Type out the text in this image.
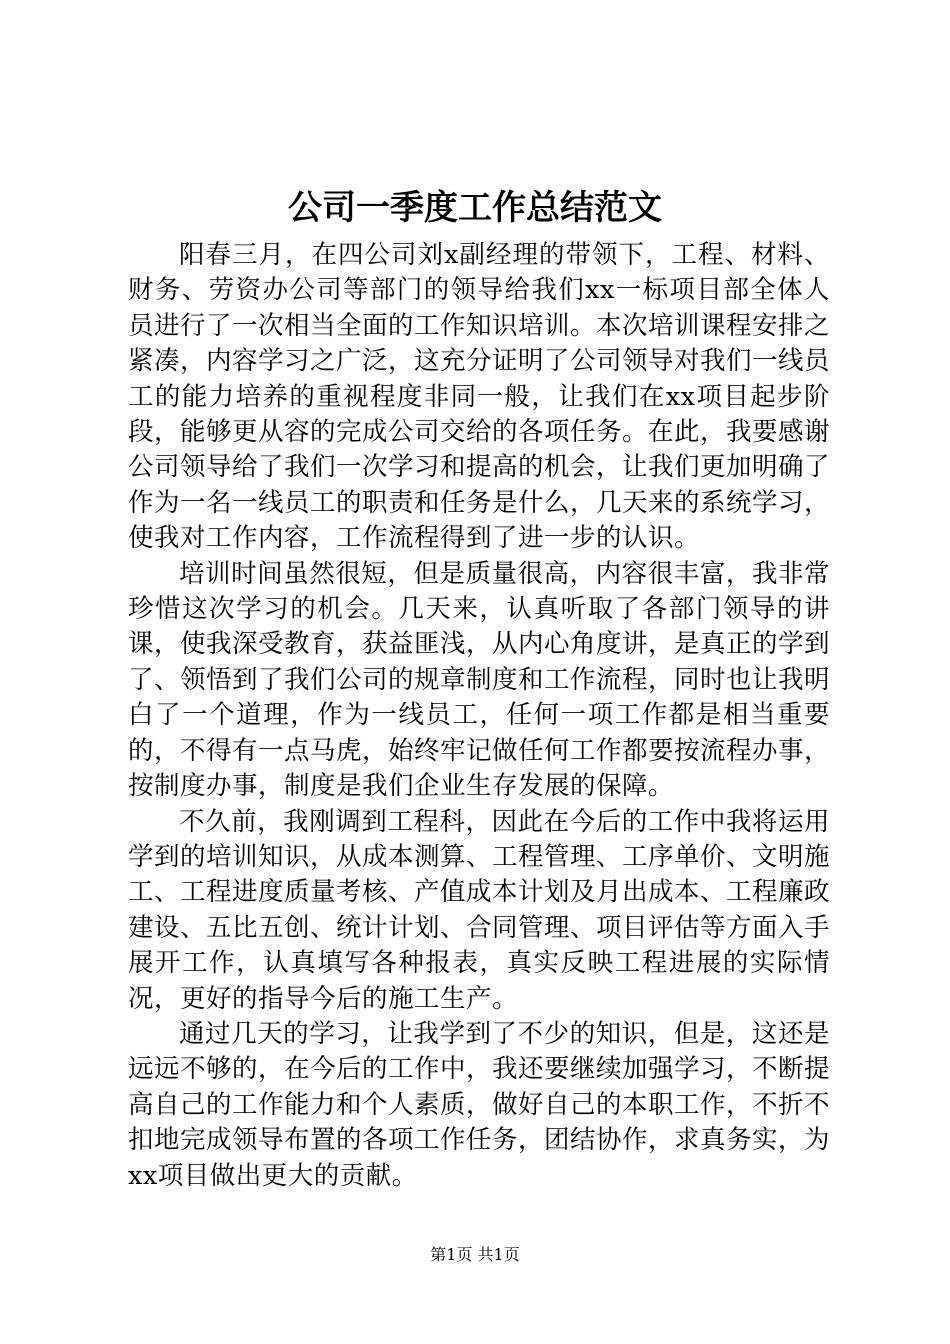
公司一季度工作总结范文

阳春三月，在四公司刘x副经理的带领下，工程、材料、财务、劳资办公司等部门的领导给我们xx一标项目部全体人员进行了一次相当全面的工作知识培训。本次培训课程安排之紧凑，内容学习之广泛，这充分证明了公司领导对我们一线员工的能力培养的重视程度非同一般，让我们在xx项目起步阶段，能够更从容的完成公司交给的各项任务。在此，我要感谢公司领导给了我们一次学习和提高的机会，让我们更加明确了作为一名一线员工的职责和任务是什么，几天来的系统学习，使我对工作内容，工作流程得到了进一步的认识。

培训时间虽然很短，但是质量很高，内容很丰富，我非常珍惜这次学习的机会。几天来，认真听取了各部门领导的讲课，使我深受教育，获益匪浅，从内心角度讲，是真正的学到了、领悟到了我们公司的规章制度和工作流程，同时也让我明白了一个道理，作为一线员工，任何一项工作都是相当重要的，不得有一点马虎，始终牢记做任何工作都要按流程办事，按制度办事，制度是我们企业生存发展的保障。

不久前，我刚调到工程科，因此在今后的工作中我将运用学到的培训知识，从成本测算、工程管理、工序单价、文明施工、工程进度质量考核、产值成本计划及月出成本、工程廉政建设、五比五创、统计计划、合同管理、项目评估等方面入手展开工作，认真填写各种报表，真实反映工程进展的实际情况，更好的指导今后的施工生产。

通过几天的学习，让我学到了不少的知识，但是，这还是远远不够的，在今后的工作中，我还要继续加强学习，不断提高自己的工作能力和个人素质，做好自己的本职工作，不折不扣地完成领导布置的各项工作任务，团结协作，求真务实，为xx项目做出更大的贡献。

第1页 共1页
